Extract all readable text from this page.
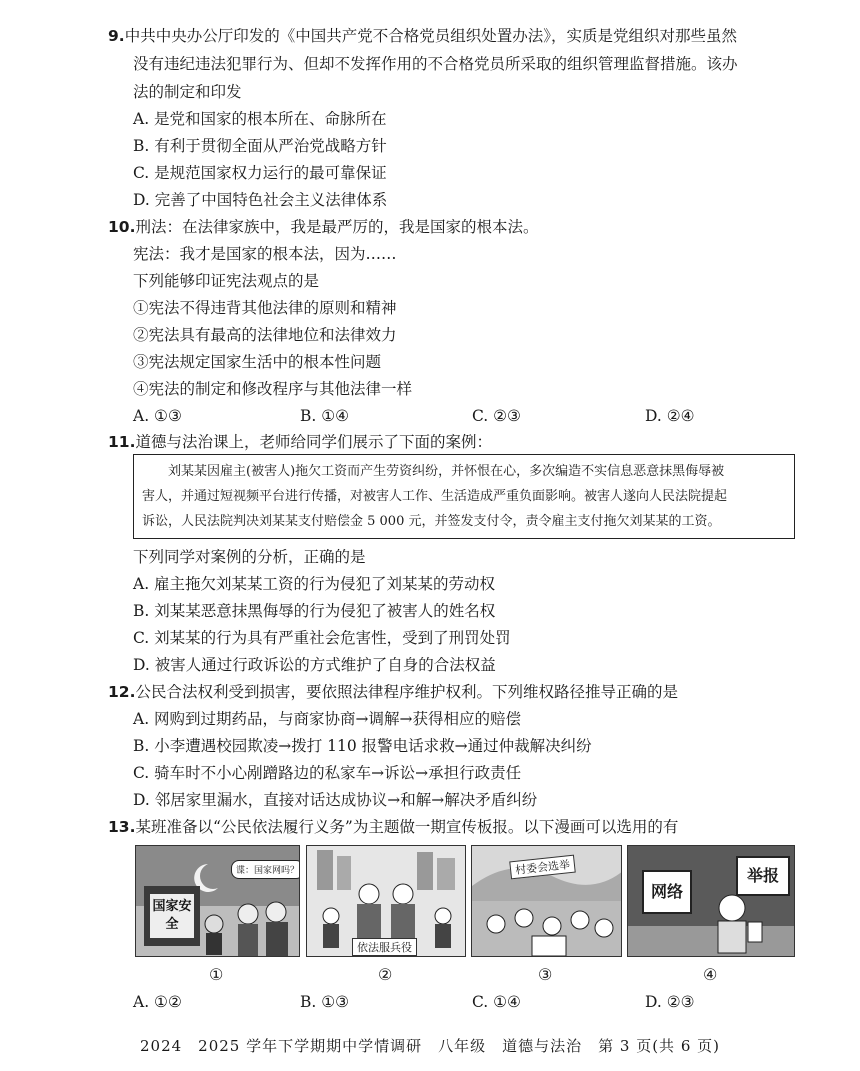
9.中共中央办公厅印发的《中国共产党不合格党员组织处置办法》，实质是党组织对那些虽然
没有违纪违法犯罪行为、但却不发挥作用的不合格党员所采取的组织管理监督措施。该办
法的制定和印发
A. 是党和国家的根本所在、命脉所在
B. 有利于贯彻全面从严治党战略方针
C. 是规范国家权力运行的最可靠保证
D. 完善了中国特色社会主义法律体系
10.刑法：在法律家族中，我是最严厉的，我是国家的根本法。
宪法：我才是国家的根本法，因为……
下列能够印证宪法观点的是
①宪法不得违背其他法律的原则和精神
②宪法具有最高的法律地位和法律效力
③宪法规定国家生活中的根本性问题
④宪法的制定和修改程序与其他法律一样
A. ①③	B. ①④	C. ②③	D. ②④
11.道德与法治课上，老师给同学们展示了下面的案例：
刘某某因雇主(被害人)拖欠工资而产生劳资纠纷，并怀恨在心，多次编造不实信息恶意抹黑侮辱被
害人，并通过短视频平台进行传播，对被害人工作、生活造成严重负面影响。被害人遂向人民法院提起
诉讼，人民法院判决刘某某支付赔偿金 5 000 元，并签发支付令，责令雇主支付拖欠刘某某的工资。
下列同学对案例的分析，正确的是
A. 雇主拖欠刘某某工资的行为侵犯了刘某某的劳动权
B. 刘某某恶意抹黑侮辱的行为侵犯了被害人的姓名权
C. 刘某某的行为具有严重社会危害性，受到了刑罚处罚
D. 被害人通过行政诉讼的方式维护了自身的合法权益
12.公民合法权利受到损害，要依照法律程序维护权利。下列维权路径推导正确的是
A. 网购到过期药品，与商家协商→调解→获得相应的赔偿
B. 小李遭遇校园欺凌→拨打 110 报警电话求救→通过仲裁解决纠纷
C. 骑车时不小心剐蹭路边的私家车→诉讼→承担行政责任
D. 邻居家里漏水，直接对话达成协议→和解→解决矛盾纠纷
13.某班准备以“公民依法履行义务”为主题做一期宣传板报。以下漫画可以选用的有
国家安全
谍：国家网吗？
依法服兵役
村委会选举
网络
举报
①	②	③	④
A. ①②	B. ①③	C. ①④	D. ②③
2024　2025 学年下学期期中学情调研　八年级　道德与法治　第 3 页(共 6 页)
